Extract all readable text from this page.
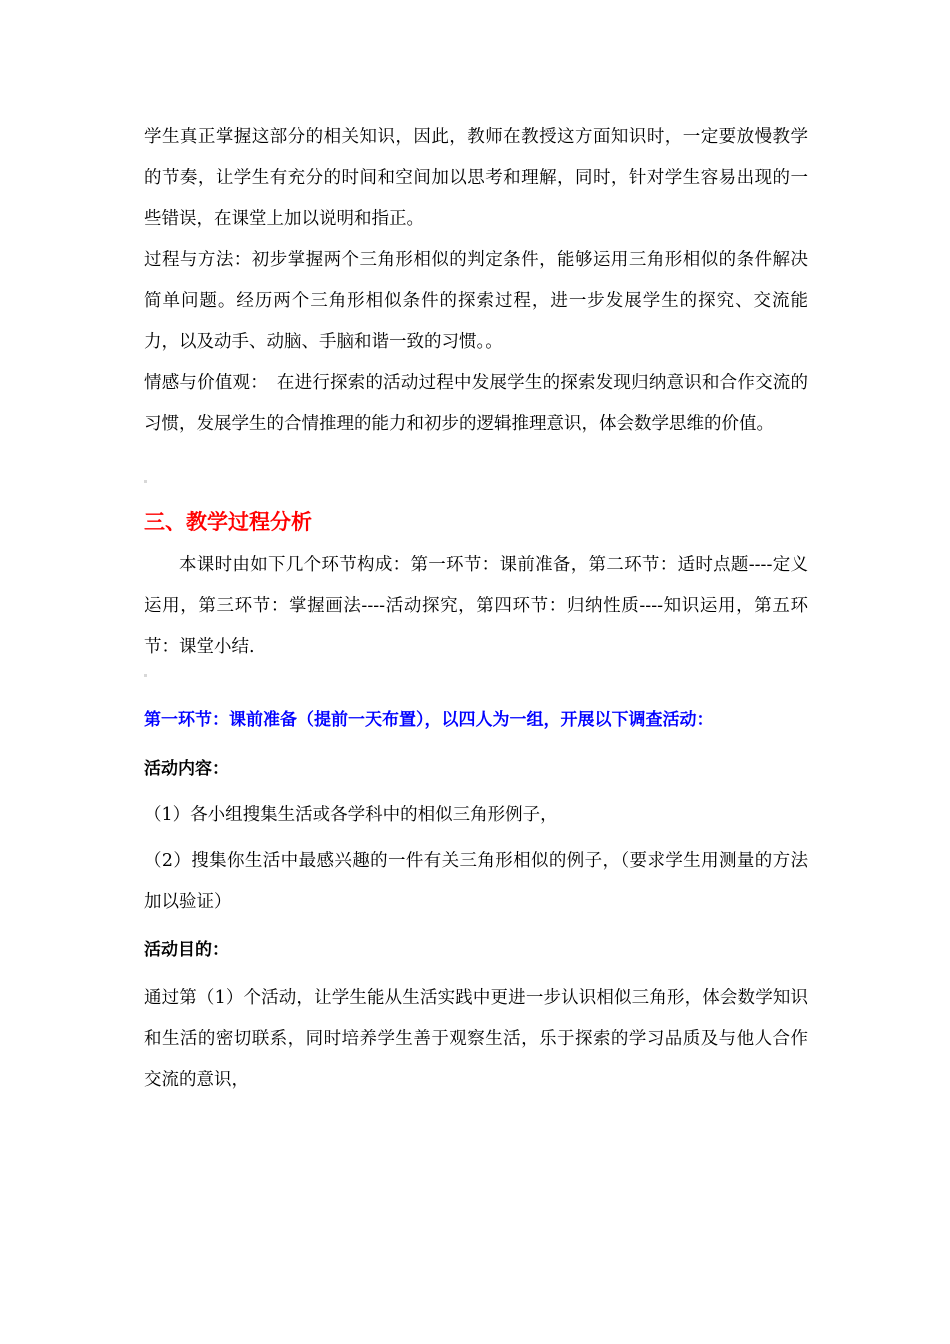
学生真正掌握这部分的相关知识，因此，教师在教授这方面知识时，一定要放慢教学的节奏，让学生有充分的时间和空间加以思考和理解，同时，针对学生容易出现的一些错误，在课堂上加以说明和指正。

过程与方法：初步掌握两个三角形相似的判定条件，能够运用三角形相似的条件解决简单问题。经历两个三角形相似条件的探索过程，进一步发展学生的探究、交流能力，以及动手、动脑、手脑和谐一致的习惯。。

情感与价值观：　在进行探索的活动过程中发展学生的探索发现归纳意识和合作交流的习惯，发展学生的合情推理的能力和初步的逻辑推理意识，体会数学思维的价值。

三、教学过程分析

本课时由如下几个环节构成：第一环节：课前准备，第二环节：适时点题----定义运用，第三环节：掌握画法----活动探究，第四环节：归纳性质----知识运用，第五环节：课堂小结.

第一环节：课前准备（提前一天布置），以四人为一组，开展以下调查活动：
活动内容：

（1）各小组搜集生活或各学科中的相似三角形例子，

（2）搜集你生活中最感兴趣的一件有关三角形相似的例子，（要求学生用测量的方法加以验证）

活动目的：

通过第（1）个活动，让学生能从生活实践中更进一步认识相似三角形，体会数学知识和生活的密切联系，同时培养学生善于观察生活，乐于探索的学习品质及与他人合作交流的意识，
